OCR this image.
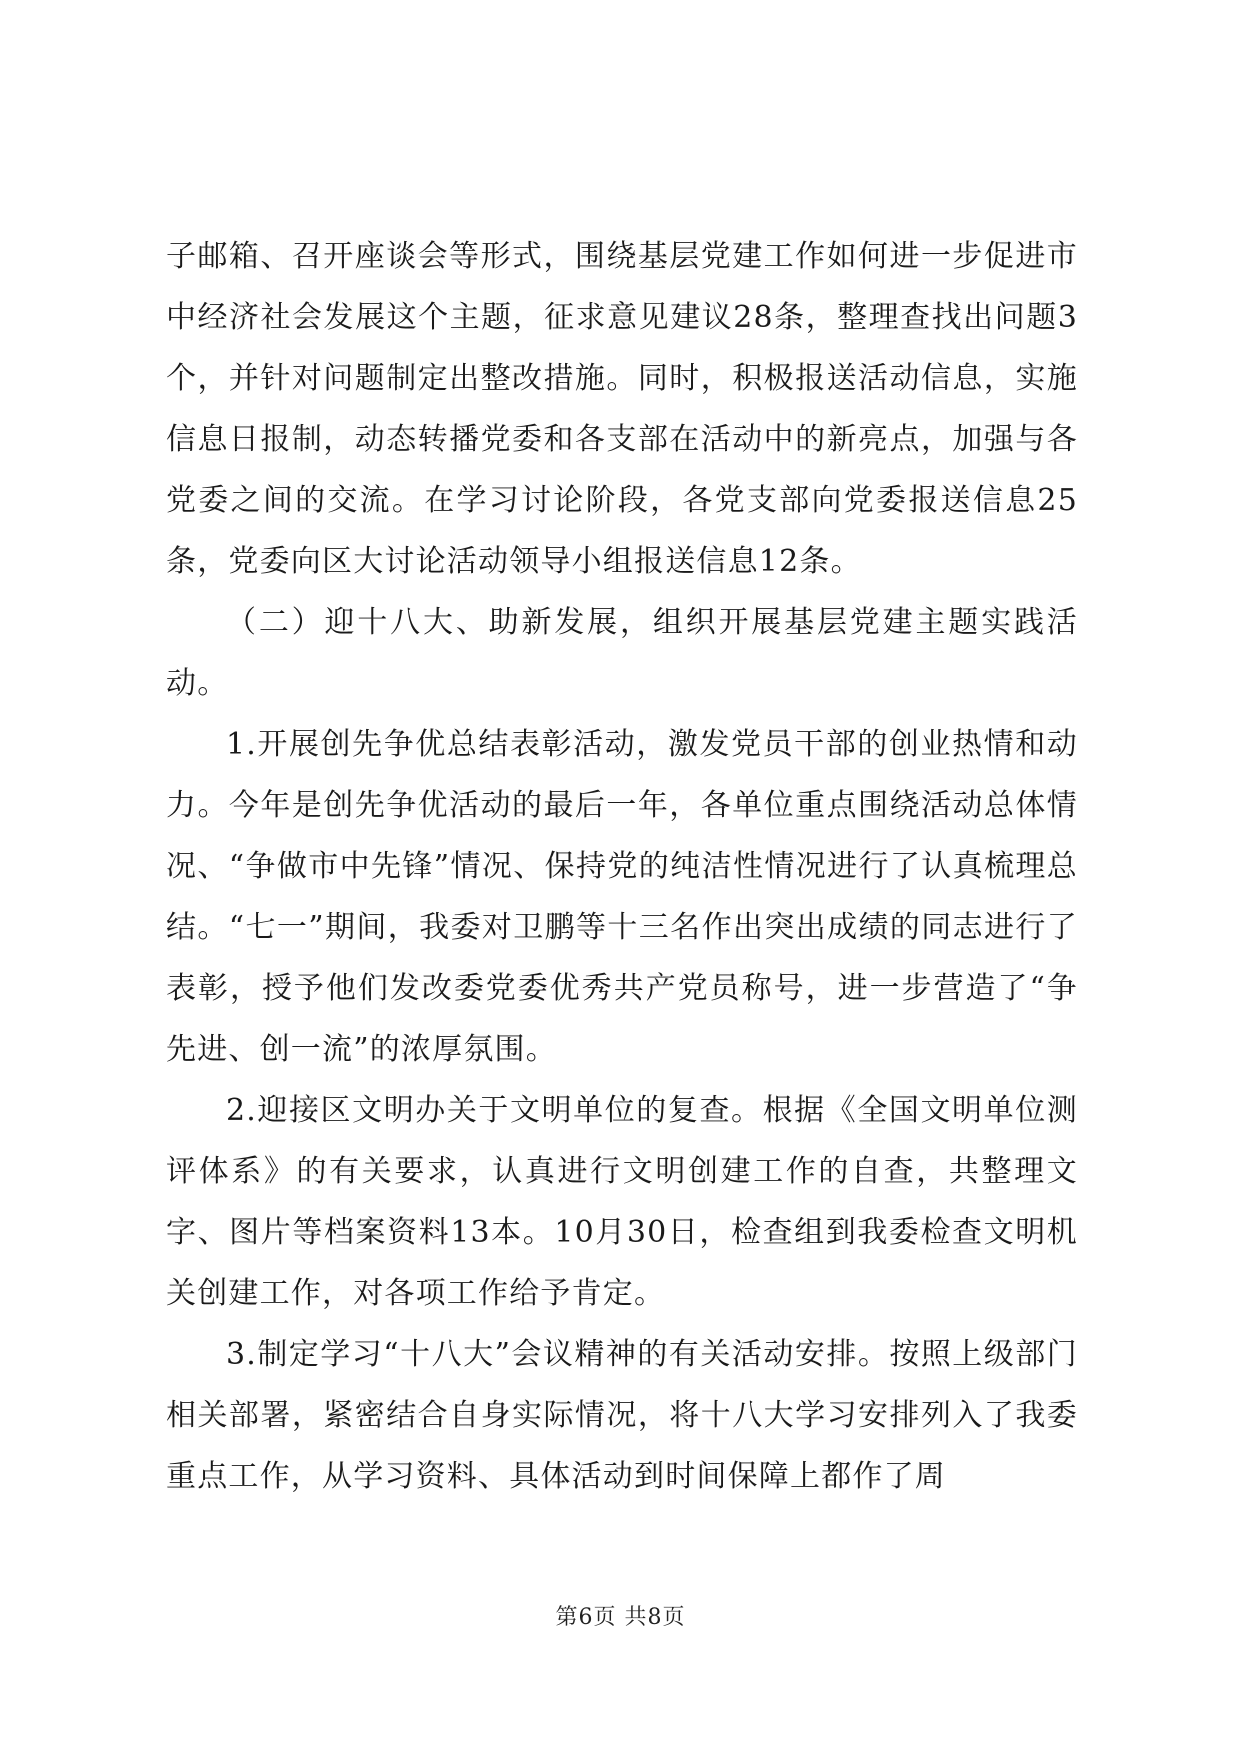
子邮箱、召开座谈会等形式，围绕基层党建工作如何进一步促进市中经济社会发展这个主题，征求意见建议28条，整理查找出问题3个，并针对问题制定出整改措施。同时，积极报送活动信息，实施信息日报制，动态转播党委和各支部在活动中的新亮点，加强与各党委之间的交流。在学习讨论阶段，各党支部向党委报送信息25条，党委向区大讨论活动领导小组报送信息12条。

（二）迎十八大、助新发展，组织开展基层党建主题实践活动。

1.开展创先争优总结表彰活动，激发党员干部的创业热情和动力。今年是创先争优活动的最后一年，各单位重点围绕活动总体情况、“争做市中先锋”情况、保持党的纯洁性情况进行了认真梳理总结。“七一”期间，我委对卫鹏等十三名作出突出成绩的同志进行了表彰，授予他们发改委党委优秀共产党员称号，进一步营造了“争先进、创一流”的浓厚氛围。

2.迎接区文明办关于文明单位的复查。根据《全国文明单位测评体系》的有关要求，认真进行文明创建工作的自查，共整理文字、图片等档案资料13本。10月30日，检查组到我委检查文明机关创建工作，对各项工作给予肯定。

3.制定学习“十八大”会议精神的有关活动安排。按照上级部门相关部署，紧密结合自身实际情况，将十八大学习安排列入了我委重点工作，从学习资料、具体活动到时间保障上都作了周

第6页 共8页
